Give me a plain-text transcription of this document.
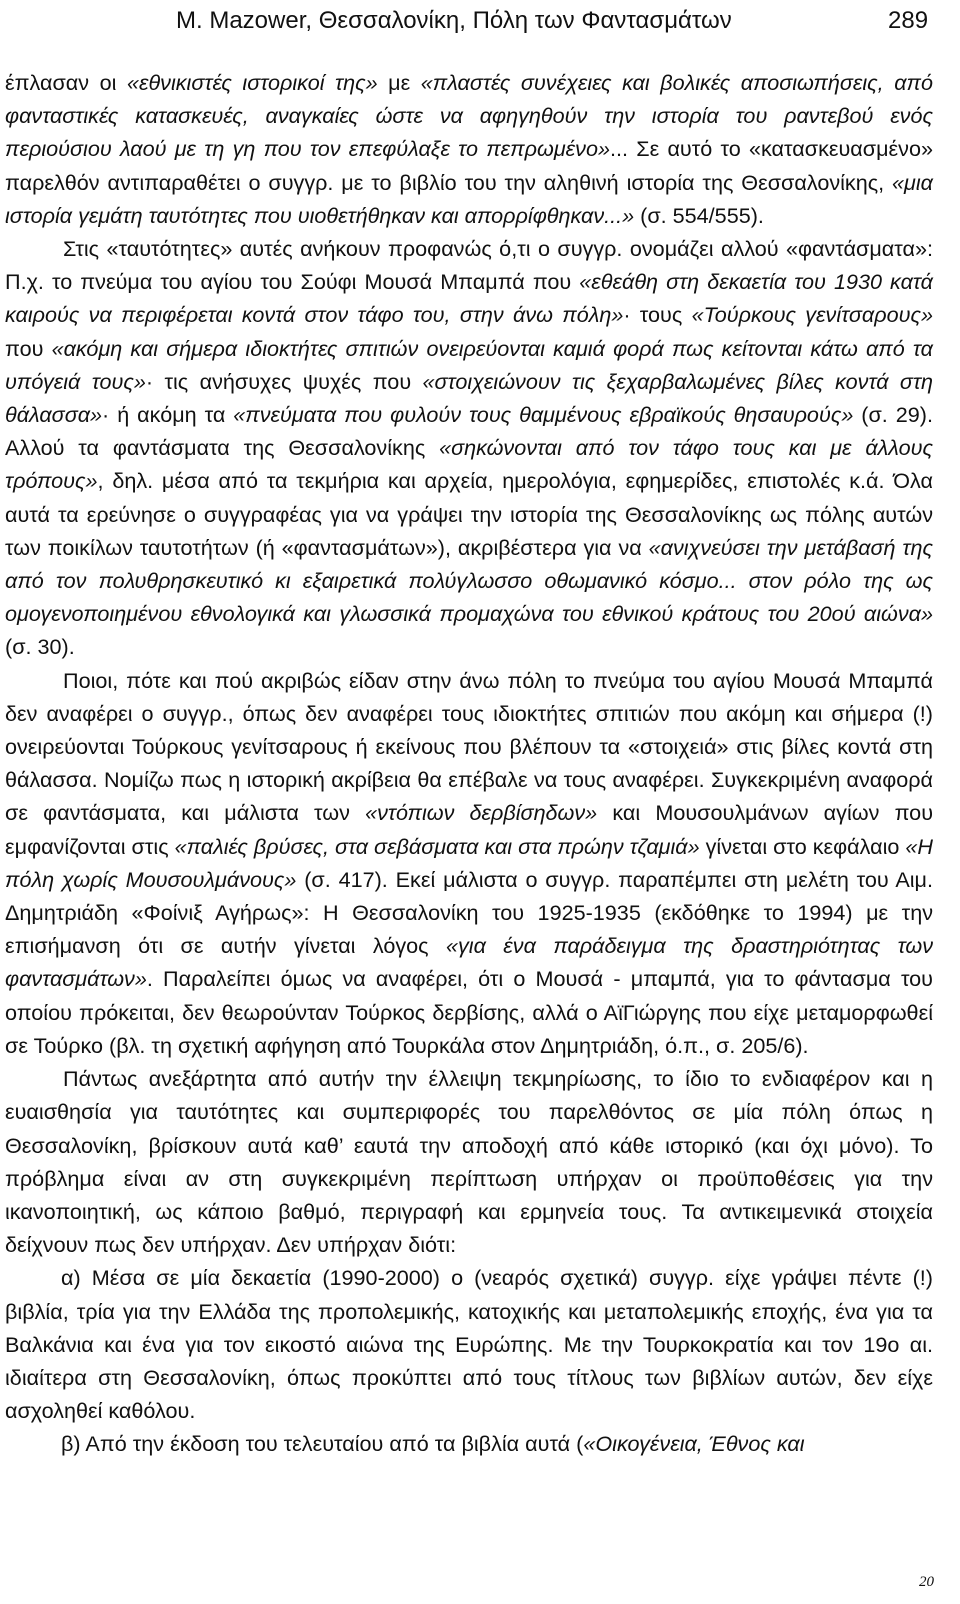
M. Mazower, Θεσσαλονίκη, Πόλη των Φαντασμάτων	289

έπλασαν οι «εθνικιστές ιστορικοί της» με «πλαστές συνέχειες και βολικές αποσιωπήσεις, από φανταστικές κατασκευές, αναγκαίες ώστε να αφηγηθούν την ιστορία του ραντεβού ενός περιούσιου λαού με τη γη που τον επεφύλαξε το πεπρωμένο»... Σε αυτό το «κατασκευασμένο» παρελθόν αντιπαραθέτει ο συγγρ. με το βιβλίο του την αληθινή ιστορία της Θεσσαλονίκης, «μια ιστορία γεμάτη ταυτότητες που υιοθετήθηκαν και απορρίφθηκαν...» (σ. 554/555).

Στις «ταυτότητες» αυτές ανήκουν προφανώς ό,τι ο συγγρ. ονομάζει αλλού «φαντάσματα»: Π.χ. το πνεύμα του αγίου του Σούφι Μουσά Μπαμπά που «εθεάθη στη δεκαετία του 1930 κατά καιρούς να περιφέρεται κοντά στον τάφο του, στην άνω πόλη»· τους «Τούρκους γενίτσαρους» που «ακόμη και σήμερα ιδιοκτήτες σπιτιών ονειρεύονται καμιά φορά πως κείτονται κάτω από τα υπόγειά τους»· τις ανήσυχες ψυχές που «στοιχειώνουν τις ξεχαρβαλωμένες βίλες κοντά στη θάλασσα»· ή ακόμη τα «πνεύματα που φυλούν τους θαμμένους εβραϊκούς θησαυρούς» (σ. 29). Αλλού τα φαντάσματα της Θεσσαλονίκης «σηκώνονται από τον τάφο τους και με άλλους τρόπους», δηλ. μέσα από τα τεκμήρια και αρχεία, ημερολόγια, εφημερίδες, επιστολές κ.ά. Όλα αυτά τα ερεύνησε ο συγγραφέας για να γράψει την ιστορία της Θεσσαλονίκης ως πόλης αυτών των ποικίλων ταυτοτήτων (ή «φαντασμάτων»), ακριβέστερα για να «ανιχνεύσει την μετάβασή της από τον πολυθρησκευτικό κι εξαιρετικά πολύγλωσσο οθωμανικό κόσμο... στον ρόλο της ως ομογενοποιημένου εθνολογικά και γλωσσικά προμαχώνα του εθνικού κράτους του 20ού αιώνα» (σ. 30).

Ποιοι, πότε και πού ακριβώς είδαν στην άνω πόλη το πνεύμα του αγίου Μουσά Μπαμπά δεν αναφέρει ο συγγρ., όπως δεν αναφέρει τους ιδιοκτήτες σπιτιών που ακόμη και σήμερα (!) ονειρεύονται Τούρκους γενίτσαρους ή εκείνους που βλέπουν τα «στοιχειά» στις βίλες κοντά στη θάλασσα. Νομίζω πως η ιστορική ακρίβεια θα επέβαλε να τους αναφέρει. Συγκεκριμένη αναφορά σε φαντάσματα, και μάλιστα των «ντόπιων δερβίσηδων» και Μουσουλμάνων αγίων που εμφανίζονται στις «παλιές βρύσες, στα σεβάσματα και στα πρώην τζαμιά» γίνεται στο κεφάλαιο «Η πόλη χωρίς Μουσουλμάνους» (σ. 417). Εκεί μάλιστα ο συγγρ. παραπέμπει στη μελέτη του Αιμ. Δημητριάδη «Φοίνιξ Αγήρως»: Η Θεσσαλονίκη του 1925-1935 (εκδόθηκε το 1994) με την επισήμανση ότι σε αυτήν γίνεται λόγος «για ένα παράδειγμα της δραστηριότητας των φαντασμάτων». Παραλείπει όμως να αναφέρει, ότι ο Μουσά - μπαμπά, για το φάντασμα του οποίου πρόκειται, δεν θεωρούνταν Τούρκος δερβίσης, αλλά ο ΑϊΓιώργης που είχε μεταμορφωθεί σε Τούρκο (βλ. τη σχετική αφήγηση από Τουρκάλα στον Δημητριάδη, ό.π., σ. 205/6).

Πάντως ανεξάρτητα από αυτήν την έλλειψη τεκμηρίωσης, το ίδιο το ενδιαφέρον και η ευαισθησία για ταυτότητες και συμπεριφορές του παρελθόντος σε μία πόλη όπως η Θεσσαλονίκη, βρίσκουν αυτά καθ’ εαυτά την αποδοχή από κάθε ιστορικό (και όχι μόνο). Το πρόβλημα είναι αν στη συγκεκριμένη περίπτωση υπήρχαν οι προϋποθέσεις για την ικανοποιητική, ως κάποιο βαθμό, περιγραφή και ερμηνεία τους. Τα αντικειμενικά στοιχεία δείχνουν πως δεν υπήρχαν. Δεν υπήρχαν διότι:

α) Μέσα σε μία δεκαετία (1990-2000) ο (νεαρός σχετικά) συγγρ. είχε γράψει πέντε (!) βιβλία, τρία για την Ελλάδα της προπολεμικής, κατοχικής και μεταπολεμικής εποχής, ένα για τα Βαλκάνια και ένα για τον εικοστό αιώνα της Ευρώπης. Με την Τουρκοκρατία και τον 19ο αι. ιδιαίτερα στη Θεσσαλονίκη, όπως προκύπτει από τους τίτλους των βιβλίων αυτών, δεν είχε ασχοληθεί καθόλου.

β) Από την έκδοση του τελευταίου από τα βιβλία αυτά («Οικογένεια, Έθνος και

20
